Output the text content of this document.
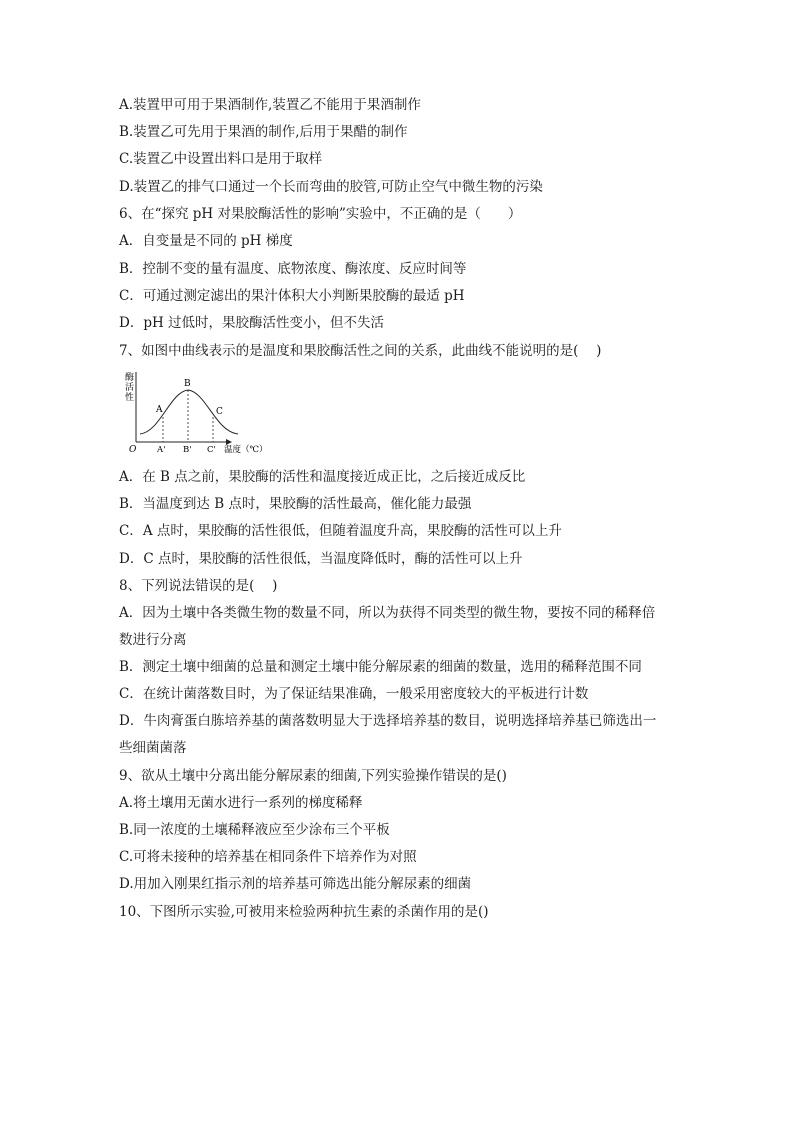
A.装置甲可用于果酒制作,装置乙不能用于果酒制作
B.装置乙可先用于果酒的制作,后用于果醋的制作
C.装置乙中设置出料口是用于取样
D.装置乙的排气口通过一个长而弯曲的胶管,可防止空气中微生物的污染
6、在“探究 pH 对果胶酶活性的影响”实验中，不正确的是（　　）
A．自变量是不同的 pH 梯度
B．控制不变的量有温度、底物浓度、酶浓度、反应时间等
C．可通过测定滤出的果汁体积大小判断果胶酶的最适 pH
D．pH 过低时，果胶酶活性变小，但不失活
7、如图中曲线表示的是温度和果胶酶活性之间的关系，此曲线不能说明的是(　 )
酶
活
性
O
A
B
C
A' B' C' 温度（℃）
A．在 B 点之前，果胶酶的活性和温度接近成正比，之后接近成反比
B．当温度到达 B 点时，果胶酶的活性最高，催化能力最强
C．A 点时，果胶酶的活性很低，但随着温度升高，果胶酶的活性可以上升
D．C 点时，果胶酶的活性很低，当温度降低时，酶的活性可以上升
8、下列说法错误的是(　 )
A．因为土壤中各类微生物的数量不同，所以为获得不同类型的微生物，要按不同的稀释倍
数进行分离
B．测定土壤中细菌的总量和测定土壤中能分解尿素的细菌的数量，选用的稀释范围不同
C．在统计菌落数目时，为了保证结果准确，一般采用密度较大的平板进行计数
D．牛肉膏蛋白胨培养基的菌落数明显大于选择培养基的数目，说明选择培养基已筛选出一
些细菌菌落
9、欲从土壤中分离出能分解尿素的细菌,下列实验操作错误的是()
A.将土壤用无菌水进行一系列的梯度稀释
B.同一浓度的土壤稀释液应至少涂布三个平板
C.可将未接种的培养基在相同条件下培养作为对照
D.用加入刚果红指示剂的培养基可筛选出能分解尿素的细菌
10、下图所示实验,可被用来检验两种抗生素的杀菌作用的是()
